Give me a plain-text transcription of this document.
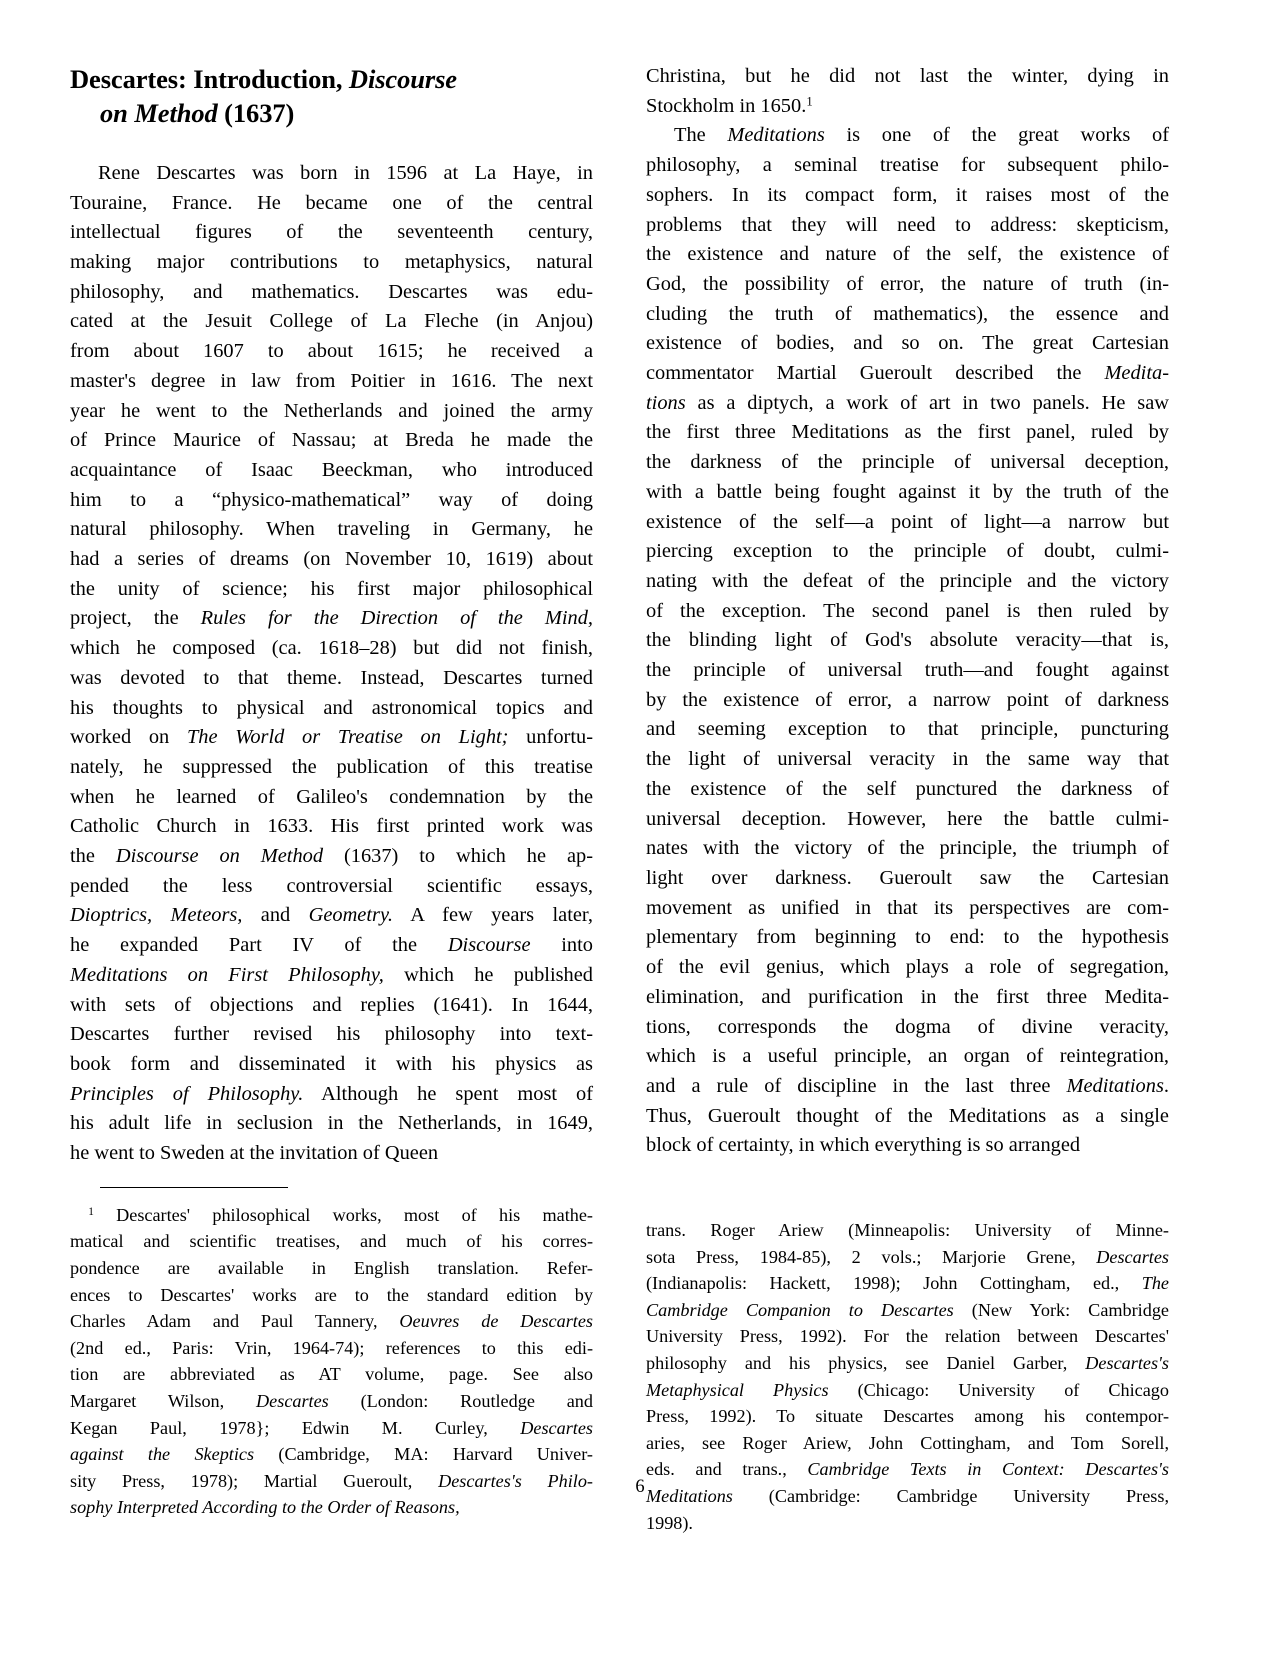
Descartes: Introduction, Discourse
on Method (1637)

Rene Descartes was born in 1596 at La Haye, in
Touraine, France. He became one of the central
intellectual figures of the seventeenth century,
making major contributions to metaphysics, natural
philosophy, and mathematics. Descartes was edu-
cated at the Jesuit College of La Fleche (in Anjou)
from about 1607 to about 1615; he received a
master's degree in law from Poitier in 1616. The next
year he went to the Netherlands and joined the army
of Prince Maurice of Nassau; at Breda he made the
acquaintance of Isaac Beeckman, who introduced
him to a “physico-mathematical” way of doing
natural philosophy. When traveling in Germany, he
had a series of dreams (on November 10, 1619) about
the unity of science; his first major philosophical
project, the Rules for the Direction of the Mind,
which he composed (ca. 1618–28) but did not finish,
was devoted to that theme. Instead, Descartes turned
his thoughts to physical and astronomical topics and
worked on The World or Treatise on Light; unfortu-
nately, he suppressed the publication of this treatise
when he learned of Galileo's condemnation by the
Catholic Church in 1633. His first printed work was
the Discourse on Method (1637) to which he ap-
pended the less controversial scientific essays,
Dioptrics, Meteors, and Geometry. A few years later,
he expanded Part IV of the Discourse into
Meditations on First Philosophy, which he published
with sets of objections and replies (1641). In 1644,
Descartes further revised his philosophy into text-
book form and disseminated it with his physics as
Principles of Philosophy. Although he spent most of
his adult life in seclusion in the Netherlands, in 1649,
he went to Sweden at the invitation of Queen

  $^1$ Descartes' philosophical works, most of his mathe-
matical and scientific treatises, and much of his corres-
pondence are available in English translation. Refer-
ences to Descartes' works are to the standard edition by
Charles Adam and Paul Tannery, Oeuvres de Descartes
(2nd ed., Paris: Vrin, 1964-74); references to this edi-
tion are abbreviated as AT volume, page. See also
Margaret Wilson, Descartes (London: Routledge and
Kegan Paul, 1978}; Edwin M. Curley, Descartes
against the Skeptics (Cambridge, MA: Harvard Univer-
sity Press, 1978); Martial Gueroult, Descartes's Philo-
sophy Interpreted According to the Order of Reasons,

Christina, but he did not last the winter, dying in
Stockholm in 1650.$^1$

The Meditations is one of the great works of
philosophy, a seminal treatise for subsequent philo-
sophers. In its compact form, it raises most of the
problems that they will need to address: skepticism,
the existence and nature of the self, the existence of
God, the possibility of error, the nature of truth (in-
cluding the truth of mathematics), the essence and
existence of bodies, and so on. The great Cartesian
commentator Martial Gueroult described the Medita-
tions as a diptych, a work of art in two panels. He saw
the first three Meditations as the first panel, ruled by
the darkness of the principle of universal deception,
with a battle being fought against it by the truth of the
existence of the self—a point of light—a narrow but
piercing exception to the principle of doubt, culmi-
nating with the defeat of the principle and the victory
of the exception. The second panel is then ruled by
the blinding light of God's absolute veracity—that is,
the principle of universal truth—and fought against
by the existence of error, a narrow point of darkness
and seeming exception to that principle, puncturing
the light of universal veracity in the same way that
the existence of the self punctured the darkness of
universal deception. However, here the battle culmi-
nates with the victory of the principle, the triumph of
light over darkness. Gueroult saw the Cartesian
movement as unified in that its perspectives are com-
plementary from beginning to end: to the hypothesis
of the evil genius, which plays a role of segregation,
elimination, and purification in the first three Medita-
tions, corresponds the dogma of divine veracity,
which is a useful principle, an organ of reintegration,
and a rule of discipline in the last three Meditations.
Thus, Gueroult thought of the Meditations as a single
block of certainty, in which everything is so arranged

trans. Roger Ariew (Minneapolis: University of Minne-
sota Press, 1984-85), 2 vols.; Marjorie Grene, Descartes
(Indianapolis: Hackett, 1998); John Cottingham, ed., The
Cambridge Companion to Descartes (New York: Cambridge
University Press, 1992). For the relation between Descartes'
philosophy and his physics, see Daniel Garber, Descartes's
Metaphysical Physics (Chicago: University of Chicago
Press, 1992). To situate Descartes among his contempor-
aries, see Roger Ariew, John Cottingham, and Tom Sorell,
eds. and trans., Cambridge Texts in Context: Descartes's
Meditations (Cambridge: Cambridge University Press,
1998).

6
